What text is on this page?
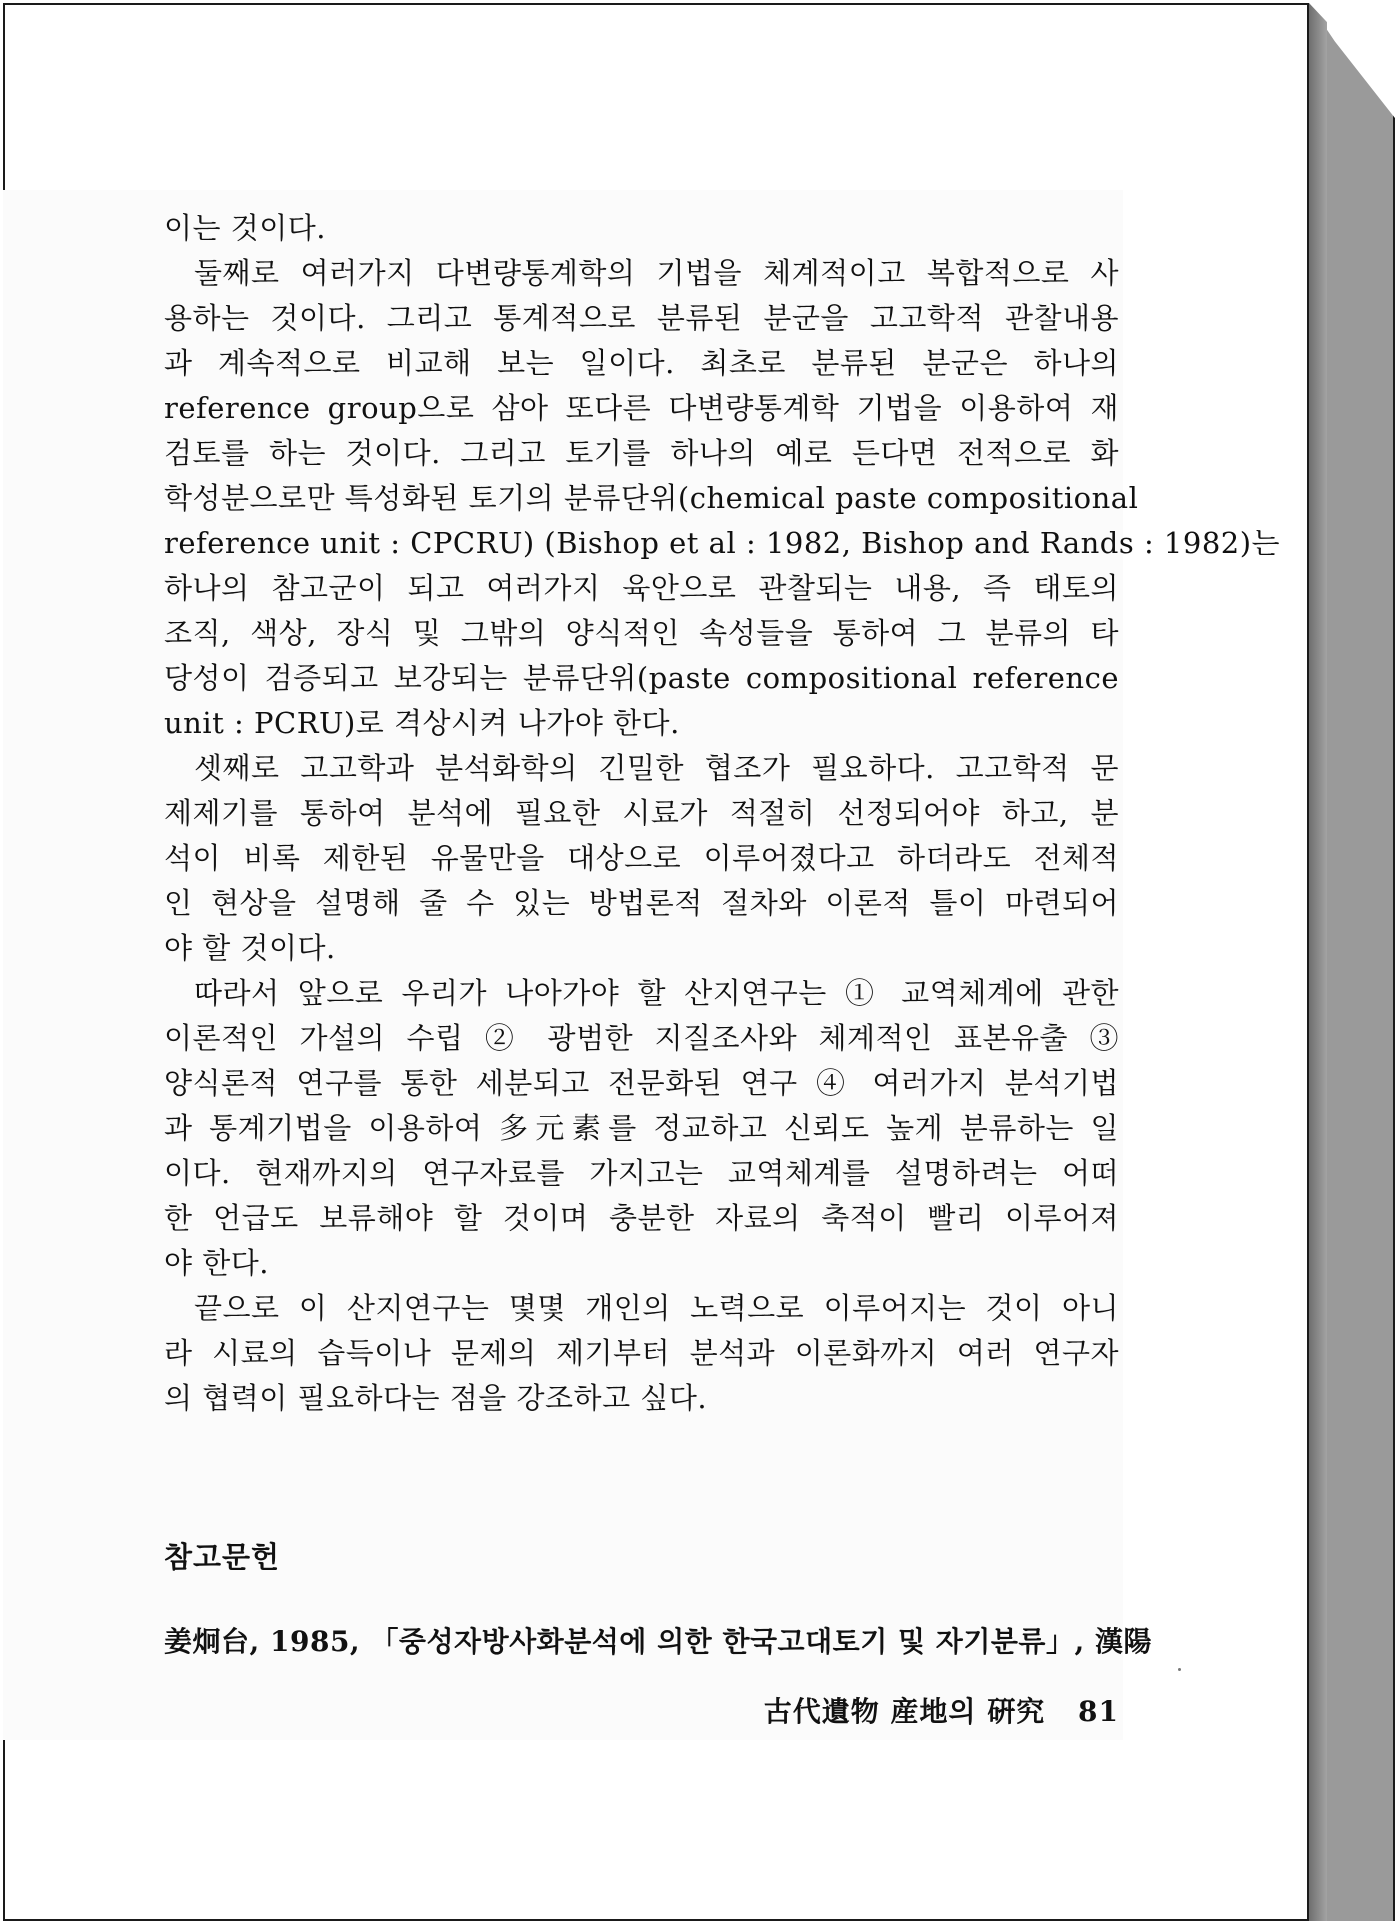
이는 것이다.

둘째로 여러가지 다변량통계학의 기법을 체계적이고 복합적으로 사
용하는 것이다. 그리고 통계적으로 분류된 분군을 고고학적 관찰내용
과 계속적으로 비교해 보는 일이다. 최초로 분류된 분군은 하나의
reference group으로 삼아 또다른 다변량통계학 기법을 이용하여 재
검토를 하는 것이다. 그리고 토기를 하나의 예로 든다면 전적으로 화
학성분으로만 특성화된 토기의 분류단위(chemical paste compositional
reference unit : CPCRU) (Bishop et al : 1982, Bishop and Rands : 1982)는
하나의 참고군이 되고 여러가지 육안으로 관찰되는 내용, 즉 태토의
조직, 색상, 장식 및 그밖의 양식적인 속성들을 통하여 그 분류의 타
당성이 검증되고 보강되는 분류단위(paste compositional reference
unit : PCRU)로 격상시켜 나가야 한다.

셋째로 고고학과 분석화학의 긴밀한 협조가 필요하다. 고고학적 문
제제기를 통하여 분석에 필요한 시료가 적절히 선정되어야 하고, 분
석이 비록 제한된 유물만을 대상으로 이루어졌다고 하더라도 전체적
인 현상을 설명해 줄 수 있는 방법론적 절차와 이론적 틀이 마련되어
야 할 것이다.

따라서 앞으로 우리가 나아가야 할 산지연구는 ① 교역체계에 관한
이론적인 가설의 수립 ② 광범한 지질조사와 체계적인 표본유출 ③
양식론적 연구를 통한 세분되고 전문화된 연구 ④ 여러가지 분석기법
과 통계기법을 이용하여 多元素를 정교하고 신뢰도 높게 분류하는 일
이다. 현재까지의 연구자료를 가지고는 교역체계를 설명하려는 어떠
한 언급도 보류해야 할 것이며 충분한 자료의 축적이 빨리 이루어져
야 한다.

끝으로 이 산지연구는 몇몇 개인의 노력으로 이루어지는 것이 아니
라 시료의 습득이나 문제의 제기부터 분석과 이론화까지 여러 연구자
의 협력이 필요하다는 점을 강조하고 싶다.

참고문헌
姜炯台, 1985, 「중성자방사화분석에 의한 한국고대토기 및 자기분류」, 漢陽
古代遺物 産地의 硏究 81
